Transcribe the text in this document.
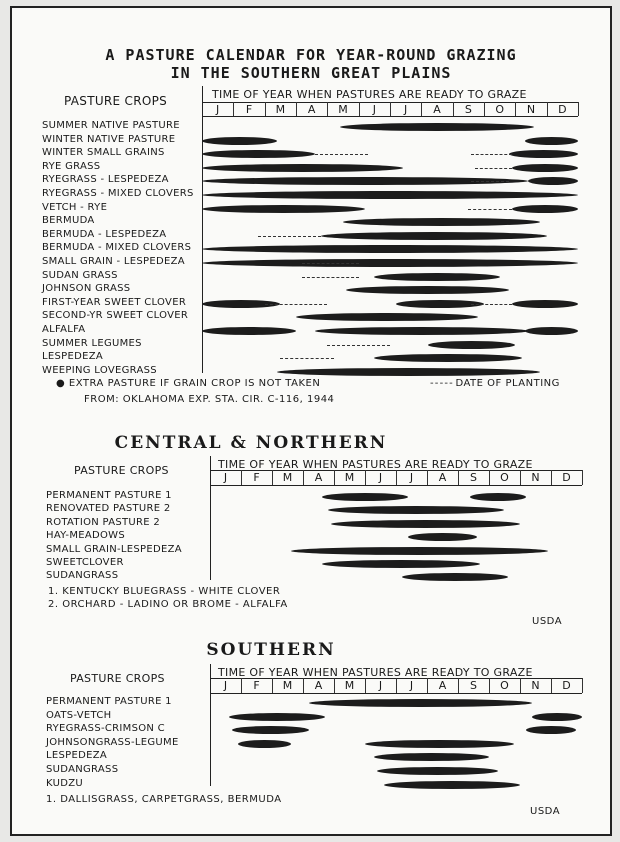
A PASTURE CALENDAR FOR YEAR-ROUND GRAZING
IN THE SOUTHERN GREAT PLAINS
PASTURE CROPS	TIME OF YEAR WHEN PASTURES ARE READY TO GRAZE
J	F	M	A	M	J	J	A	S	O	N	D
SUMMER NATIVE PASTURE
WINTER NATIVE PASTURE
WINTER SMALL GRAINS
RYE GRASS
RYEGRASS - LESPEDEZA
RYEGRASS - MIXED CLOVERS
VETCH - RYE
BERMUDA
BERMUDA - LESPEDEZA
BERMUDA - MIXED CLOVERS
SMALL GRAIN - LESPEDEZA
SUDAN GRASS
JOHNSON GRASS
FIRST-YEAR SWEET CLOVER
SECOND-YR SWEET CLOVER
ALFALFA
SUMMER LEGUMES
LESPEDEZA
WEEPING LOVEGRASS
● EXTRA PASTURE IF GRAIN CROP IS NOT TAKEN	- - - - - DATE OF PLANTING
FROM: OKLAHOMA EXP. STA. CIR. C-116, 1944
CENTRAL & NORTHERN
PASTURE CROPS	TIME OF YEAR WHEN PASTURES ARE READY TO GRAZE
1. KENTUCKY BLUEGRASS - WHITE CLOVER
2. ORCHARD - LADINO OR BROME - ALFALFA
USDA
J	F	M	A	M	J	J	A	S	O	N	D
PERMANENT PASTURE 1
RENOVATED PASTURE 2
ROTATION PASTURE 2
HAY-MEADOWS
SMALL GRAIN-LESPEDEZA
SWEETCLOVER
SUDANGRASS
SOUTHERN
PASTURE CROPS	TIME OF YEAR WHEN PASTURES ARE READY TO GRAZE
1. DALLISGRASS, CARPETGRASS, BERMUDA
USDA
J	F	M	A	M	J	J	A	S	O	N	D
PERMANENT PASTURE 1
OATS-VETCH
RYEGRASS-CRIMSON C
JOHNSONGRASS-LEGUME
LESPEDEZA
SUDANGRASS
KUDZU
